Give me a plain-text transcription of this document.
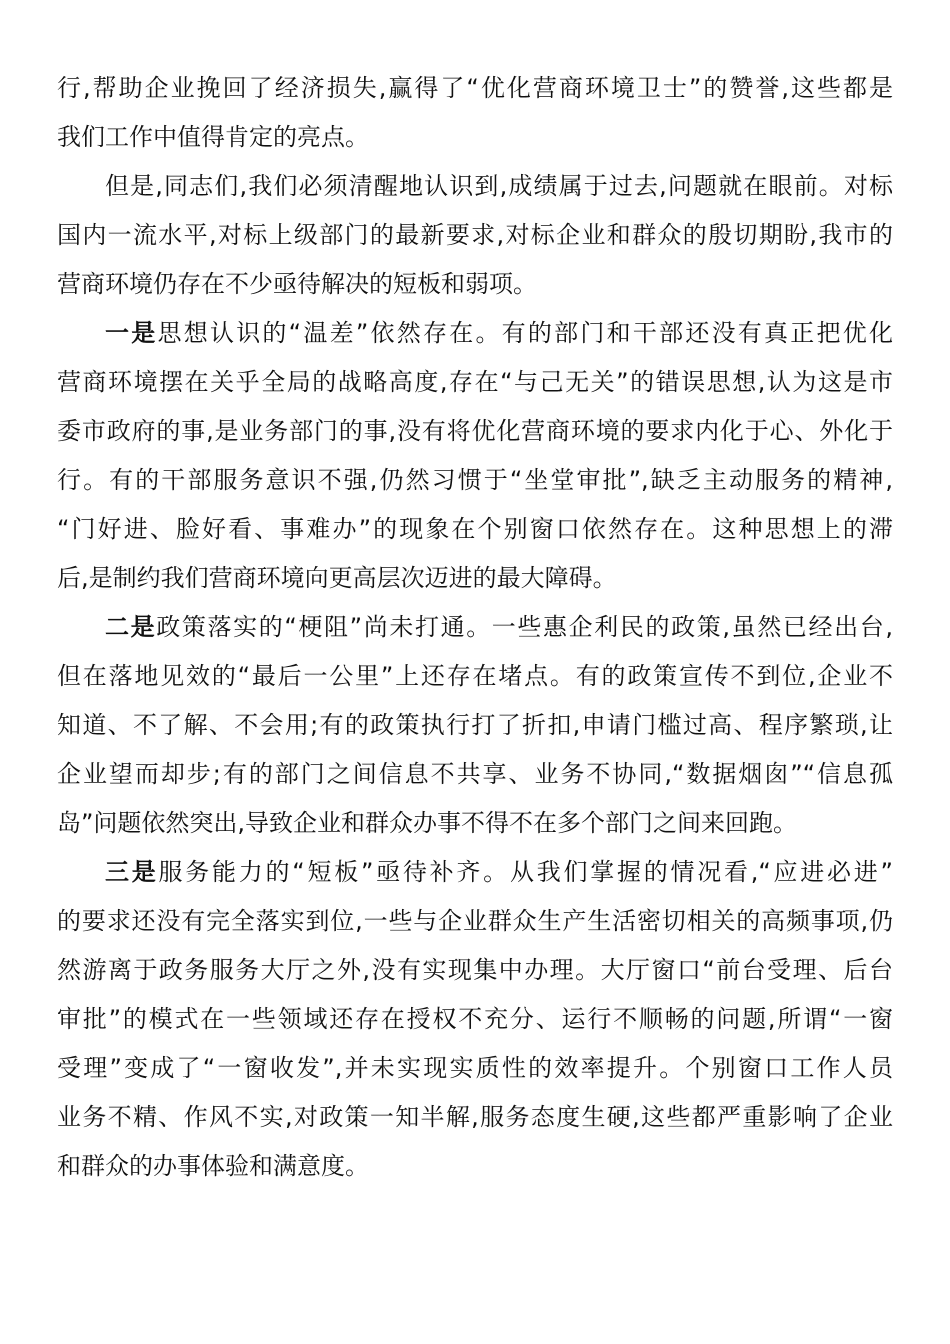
行,帮助企业挽回了经济损失,赢得了“优化营商环境卫士”的赞誉,这些都是
我们工作中值得肯定的亮点。
但是,同志们,我们必须清醒地认识到,成绩属于过去,问题就在眼前。对标
国内一流水平,对标上级部门的最新要求,对标企业和群众的殷切期盼,我市的
营商环境仍存在不少亟待解决的短板和弱项。
一是思想认识的“温差”依然存在。有的部门和干部还没有真正把优化
营商环境摆在关乎全局的战略高度,存在“与己无关”的错误思想,认为这是市
委市政府的事,是业务部门的事,没有将优化营商环境的要求内化于心、外化于
行。有的干部服务意识不强,仍然习惯于“坐堂审批”,缺乏主动服务的精神,
“门好进、脸好看、事难办”的现象在个别窗口依然存在。这种思想上的滞
后,是制约我们营商环境向更高层次迈进的最大障碍。
二是政策落实的“梗阻”尚未打通。一些惠企利民的政策,虽然已经出台,
但在落地见效的“最后一公里”上还存在堵点。有的政策宣传不到位,企业不
知道、不了解、不会用;有的政策执行打了折扣,申请门槛过高、程序繁琐,让
企业望而却步;有的部门之间信息不共享、业务不协同,“数据烟囱”“信息孤
岛”问题依然突出,导致企业和群众办事不得不在多个部门之间来回跑。
三是服务能力的“短板”亟待补齐。从我们掌握的情况看,“应进必进”
的要求还没有完全落实到位,一些与企业群众生产生活密切相关的高频事项,仍
然游离于政务服务大厅之外,没有实现集中办理。大厅窗口“前台受理、后台
审批”的模式在一些领域还存在授权不充分、运行不顺畅的问题,所谓“一窗
受理”变成了“一窗收发”,并未实现实质性的效率提升。个别窗口工作人员
业务不精、作风不实,对政策一知半解,服务态度生硬,这些都严重影响了企业
和群众的办事体验和满意度。
